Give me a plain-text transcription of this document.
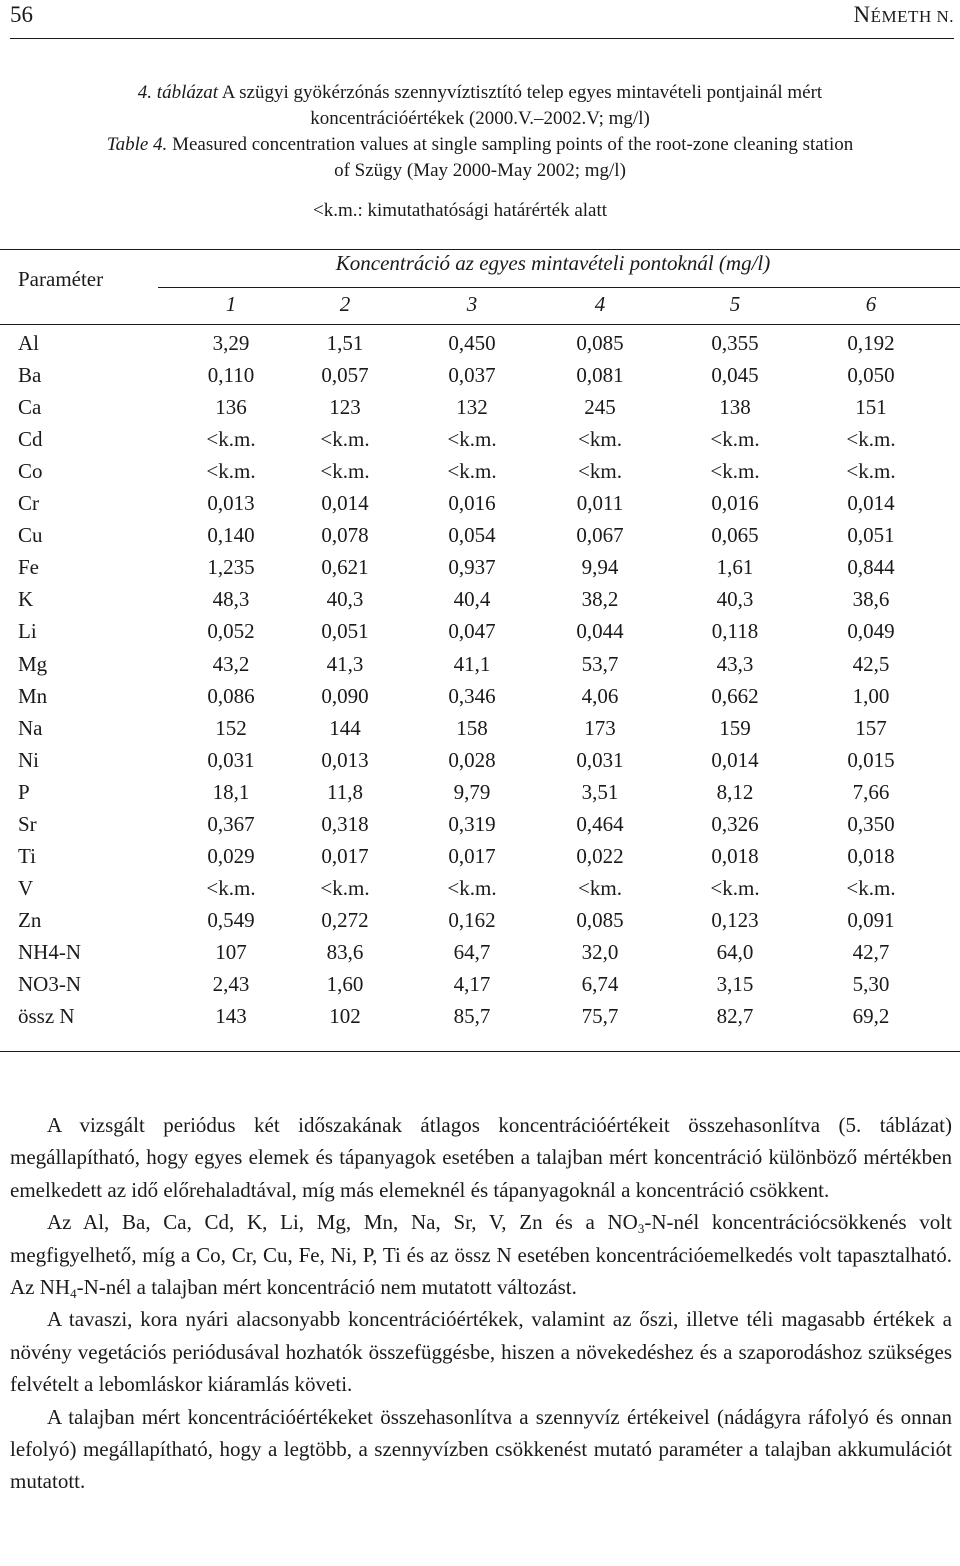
56	NÉMETH N.
4. táblázat A szügyi gyökérzónás szennyvíztisztító telep egyes mintavételi pontjainál mért
koncentrációértékek (2000.V.–2002.V; mg/l)
Table 4. Measured concentration values at single sampling points of the root-zone cleaning station
of Szügy (May 2000-May 2002; mg/l)
<k.m.: kimutathatósági határérték alatt
Paraméter
Koncentráció az egyes mintavételi pontoknál (mg/l)
1	2	3	4	5	6
Al	3,29	1,51	0,450	0,085	0,355	0,192
Ba	0,110	0,057	0,037	0,081	0,045	0,050
Ca	136	123	132	245	138	151
Cd	<k.m.	<k.m.	<k.m.	<km.	<k.m.	<k.m.
Co	<k.m.	<k.m.	<k.m.	<km.	<k.m.	<k.m.
Cr	0,013	0,014	0,016	0,011	0,016	0,014
Cu	0,140	0,078	0,054	0,067	0,065	0,051
Fe	1,235	0,621	0,937	9,94	1,61	0,844
K	48,3	40,3	40,4	38,2	40,3	38,6
Li	0,052	0,051	0,047	0,044	0,118	0,049
Mg	43,2	41,3	41,1	53,7	43,3	42,5
Mn	0,086	0,090	0,346	4,06	0,662	1,00
Na	152	144	158	173	159	157
Ni	0,031	0,013	0,028	0,031	0,014	0,015
P	18,1	11,8	9,79	3,51	8,12	7,66
Sr	0,367	0,318	0,319	0,464	0,326	0,350
Ti	0,029	0,017	0,017	0,022	0,018	0,018
V	<k.m.	<k.m.	<k.m.	<km.	<k.m.	<k.m.
Zn	0,549	0,272	0,162	0,085	0,123	0,091
NH4-N	107	83,6	64,7	32,0	64,0	42,7
NO3-N	2,43	1,60	4,17	6,74	3,15	5,30
össz N	143	102	85,7	75,7	82,7	69,2

A vizsgált periódus két időszakának átlagos koncentrációértékeit összehasonlítva (5. táblázat) megállapítható, hogy egyes elemek és tápanyagok esetében a talajban mért koncentráció különböző mértékben emelkedett az idő előrehaladtával, míg más elemeknél és tápanyagoknál a koncentráció csökkent.

Az Al, Ba, Ca, Cd, K, Li, Mg, Mn, Na, Sr, V, Zn és a $NO_3-N$-nél koncentrációcsökkenés volt megfigyelhető, míg a Co, Cr, Cu, Fe, Ni, P, Ti és az össz N esetében koncentrációemelkedés volt tapasztalható. Az $NH_4-N$-nél a talajban mért koncentráció nem mutatott változást.

A tavaszi, kora nyári alacsonyabb koncentrációértékek, valamint az őszi, illetve téli magasabb értékek a növény vegetációs periódusával hozhatók összefüggésbe, hiszen a növekedéshez és a szaporodáshoz szükséges felvételt a lebomláskor kiáramlás követi.

A talajban mért koncentrációértékeket összehasonlítva a szennyvíz értékeivel (nádágyra ráfolyó és onnan lefolyó) megállapítható, hogy a legtöbb, a szennyvízben csökkenést mutató paraméter a talajban akkumulációt mutatott.
